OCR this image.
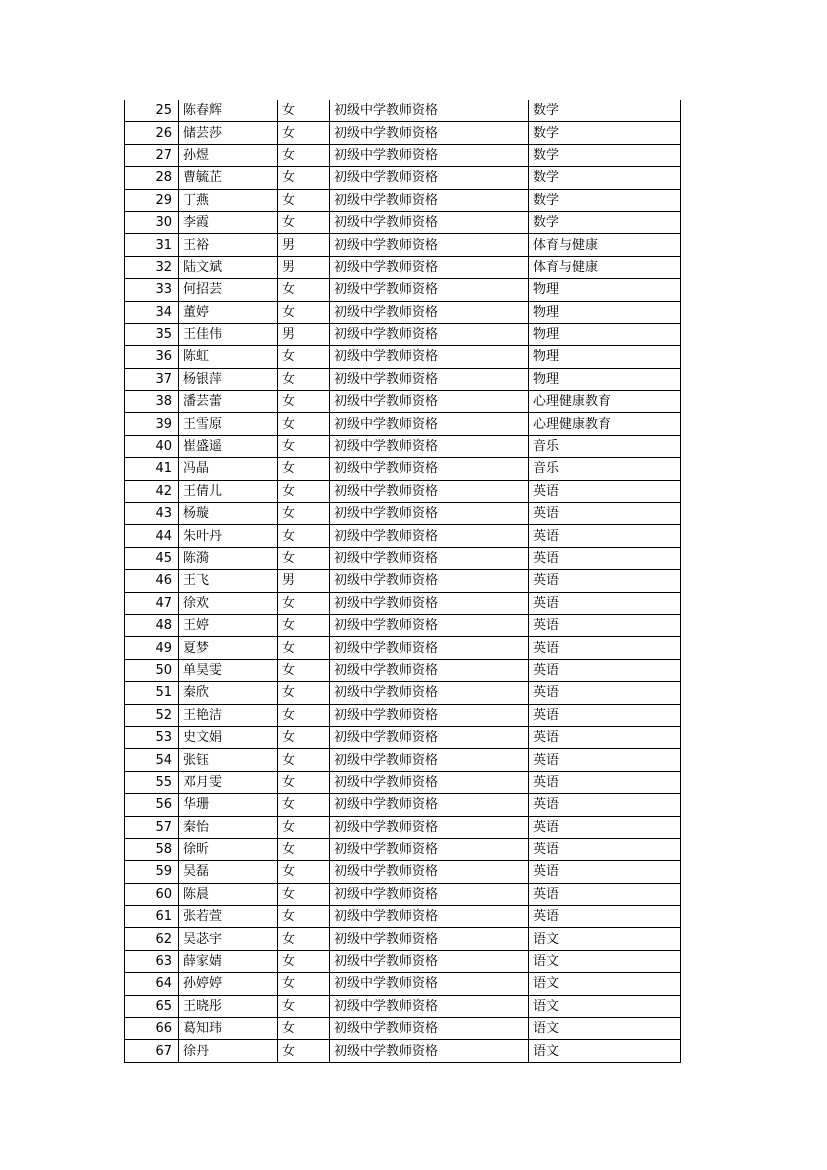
25	陈春辉	女	初级中学教师资格	数学
26	储芸莎	女	初级中学教师资格	数学
27	孙煜	女	初级中学教师资格	数学
28	曹毓芷	女	初级中学教师资格	数学
29	丁燕	女	初级中学教师资格	数学
30	李霞	女	初级中学教师资格	数学
31	王裕	男	初级中学教师资格	体育与健康
32	陆文斌	男	初级中学教师资格	体育与健康
33	何招芸	女	初级中学教师资格	物理
34	董婷	女	初级中学教师资格	物理
35	王佳伟	男	初级中学教师资格	物理
36	陈虹	女	初级中学教师资格	物理
37	杨银萍	女	初级中学教师资格	物理
38	潘芸蕾	女	初级中学教师资格	心理健康教育
39	王雪原	女	初级中学教师资格	心理健康教育
40	崔盛遥	女	初级中学教师资格	音乐
41	冯晶	女	初级中学教师资格	音乐
42	王倩儿	女	初级中学教师资格	英语
43	杨璇	女	初级中学教师资格	英语
44	朱叶丹	女	初级中学教师资格	英语
45	陈漪	女	初级中学教师资格	英语
46	王飞	男	初级中学教师资格	英语
47	徐欢	女	初级中学教师资格	英语
48	王婷	女	初级中学教师资格	英语
49	夏梦	女	初级中学教师资格	英语
50	单昊雯	女	初级中学教师资格	英语
51	秦欣	女	初级中学教师资格	英语
52	王艳洁	女	初级中学教师资格	英语
53	史文娟	女	初级中学教师资格	英语
54	张钰	女	初级中学教师资格	英语
55	邓月雯	女	初级中学教师资格	英语
56	华珊	女	初级中学教师资格	英语
57	秦怡	女	初级中学教师资格	英语
58	徐昕	女	初级中学教师资格	英语
59	吴磊	女	初级中学教师资格	英语
60	陈晨	女	初级中学教师资格	英语
61	张若萱	女	初级中学教师资格	英语
62	吴苾宇	女	初级中学教师资格	语文
63	薛家婧	女	初级中学教师资格	语文
64	孙婷婷	女	初级中学教师资格	语文
65	王晓彤	女	初级中学教师资格	语文
66	葛知玮	女	初级中学教师资格	语文
67	徐丹	女	初级中学教师资格	语文
